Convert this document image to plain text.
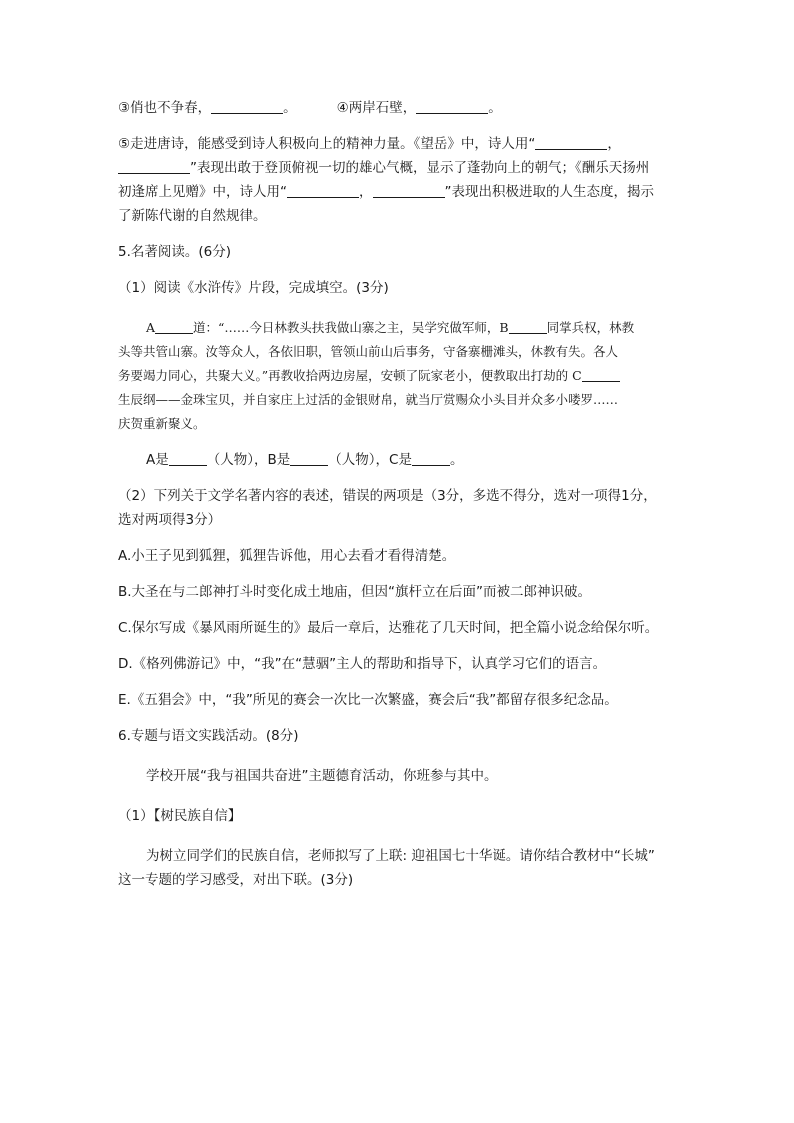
③俏也不争春，	。	④两岸石壁，	。

⑤走进唐诗，能感受到诗人积极向上的精神力量。《望岳》中，诗人用“	，

”表现出敢于登顶俯视一切的雄心气概，显示了蓬勃向上的朝气；《酬乐天扬州

初逢席上见赠》中，诗人用“	，	”表现出积极进取的人生态度，揭示

了新陈代谢的自然规律。

5.名著阅读。(6分)

（1）阅读《水浒传》片段，完成填空。(3分)

A	道：“……今日林教头扶我做山寨之主，吴学究做军师，B	同掌兵权，林教

头等共管山寨。汝等众人，各依旧职，管领山前山后事务，守备寨栅滩头，休教有失。各人

务要竭力同心，共聚大义。”再教收拾两边房屋，安顿了阮家老小，便教取出打劫的 C

生辰纲——金珠宝贝，并自家庄上过活的金银财帛，就当厅赏赐众小头目并众多小喽罗……

庆贺重新聚义。

A是	（人物），B是	（人物），C是	。

（2）下列关于文学名著内容的表述，错误的两项是（3分，多选不得分，选对一项得1分，

选对两项得3分）

A.小王子见到狐狸，狐狸告诉他，用心去看才看得清楚。

B.大圣在与二郎神打斗时变化成土地庙，但因“旗杆立在后面”而被二郎神识破。

C.保尔写成《暴风雨所诞生的》最后一章后，达雅花了几天时间，把全篇小说念给保尔听。

D.《格列佛游记》中，“我”在“慧骃”主人的帮助和指导下，认真学习它们的语言。

E.《五猖会》中，“我”所见的赛会一次比一次繁盛，赛会后“我”都留存很多纪念品。

6.专题与语文实践活动。(8分)

学校开展“我与祖国共奋进”主题德育活动，你班参与其中。

（1）【树民族自信】

为树立同学们的民族自信，老师拟写了上联: 迎祖国七十华诞。请你结合教材中“长城”

这一专题的学习感受，对出下联。(3分)
